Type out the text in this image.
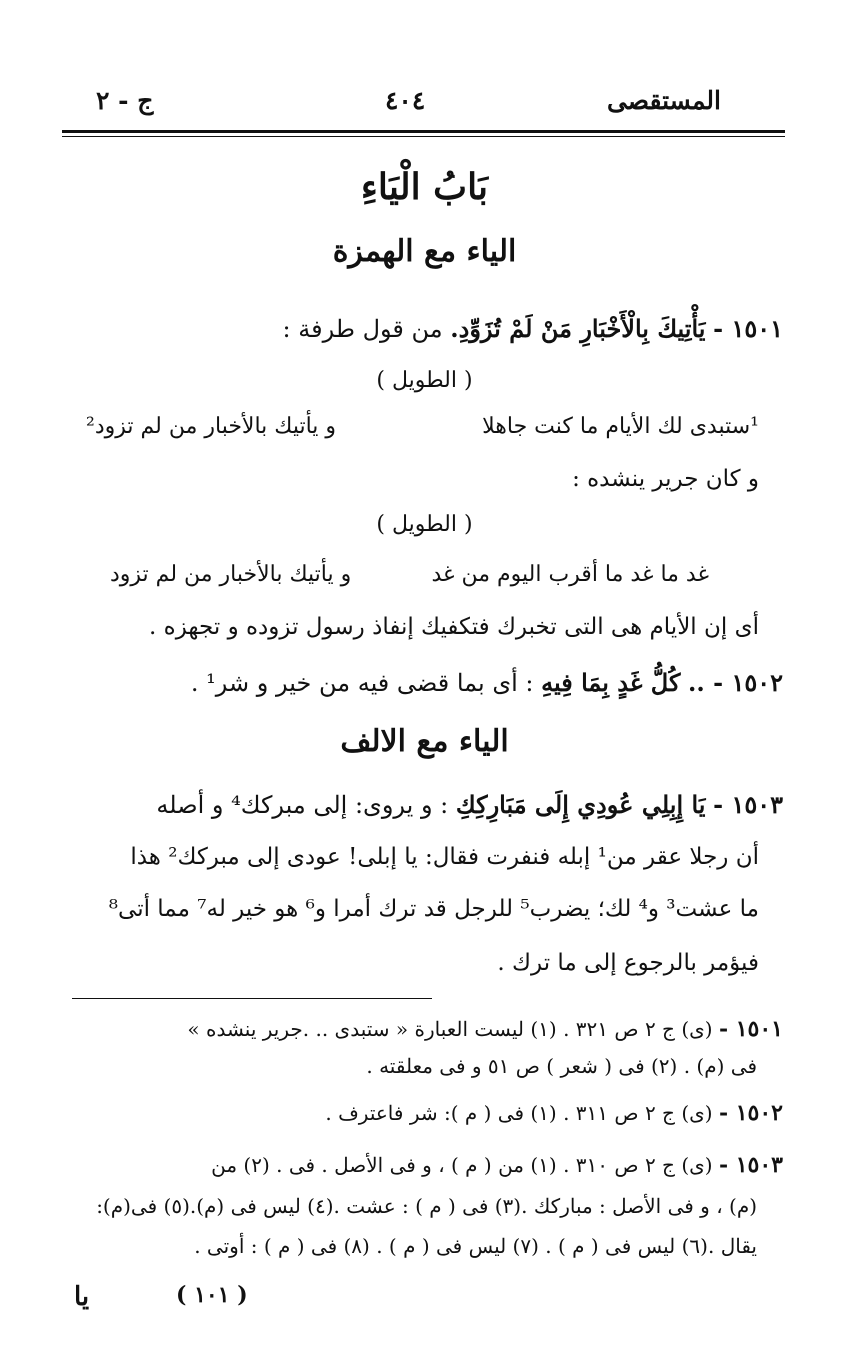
المستقصى
٤٠٤
ج - ٢
بَابُ الْيَاءِ
الياء مع الهمزة
١٥٠١ - يَأْتِيكَ بِالْأَخْبَارِ مَنْ لَمْ تُزَوِّدِ. من قول طرفة :
( الطويل )
¹ستبدى لك الأيام ما كنت جاهلا
و يأتيك بالأخبار من لم تزود²
و كان جرير ينشده :
( الطويل )
غد ما غد ما أقرب اليوم من غد
و يأتيك بالأخبار من لم تزود
أى إن الأيام هى التى تخبرك فتكفيك إنفاذ رسول تزوده و تجهزه .
١٥٠٢ - .. كُلُّ غَدٍ بِمَا فِيهِ : أى بما قضى فيه من خير و شر¹ .
الياء مع الالف
١٥٠٣ - يَا إِبِلِي عُودِي إِلَى مَبَارِكِكِ : و يروى: إلى مبركك⁴ و أصله
أن رجلا عقر من¹ إبله فنفرت فقال: يا إبلى! عودى إلى مبركك² هذا
ما عشت³ و⁴ لك؛ يضرب⁵ للرجل قد ترك أمرا و⁶ هو خير له⁷ مما أتى⁸
فيؤمر بالرجوع إلى ما ترك .
١٥٠١ - (ى) ج ٢ ص ٣٢١ . (١) ليست العبارة « ستبدى .. .جرير ينشده »
فى (م) . (٢) فى ( شعر ) ص ٥١ و فى معلقته .
١٥٠٢ - (ى) ج ٢ ص ٣١١ . (١) فى ( م ): شر فاعترف .
١٥٠٣ - (ى) ج ٢ ص ٣١٠ . (١) من ( م ) ، و فى الأصل . فى . (٢) من
(م) ، و فى الأصل : مباركك .(٣) فى ( م ) : عشت .(٤) ليس فى (م).(٥) فى(م):
يقال .(٦) ليس فى ( م ) . (٧) ليس فى ( م ) . (٨) فى ( م ) : أوتى .
( ١٠١ )
يا
